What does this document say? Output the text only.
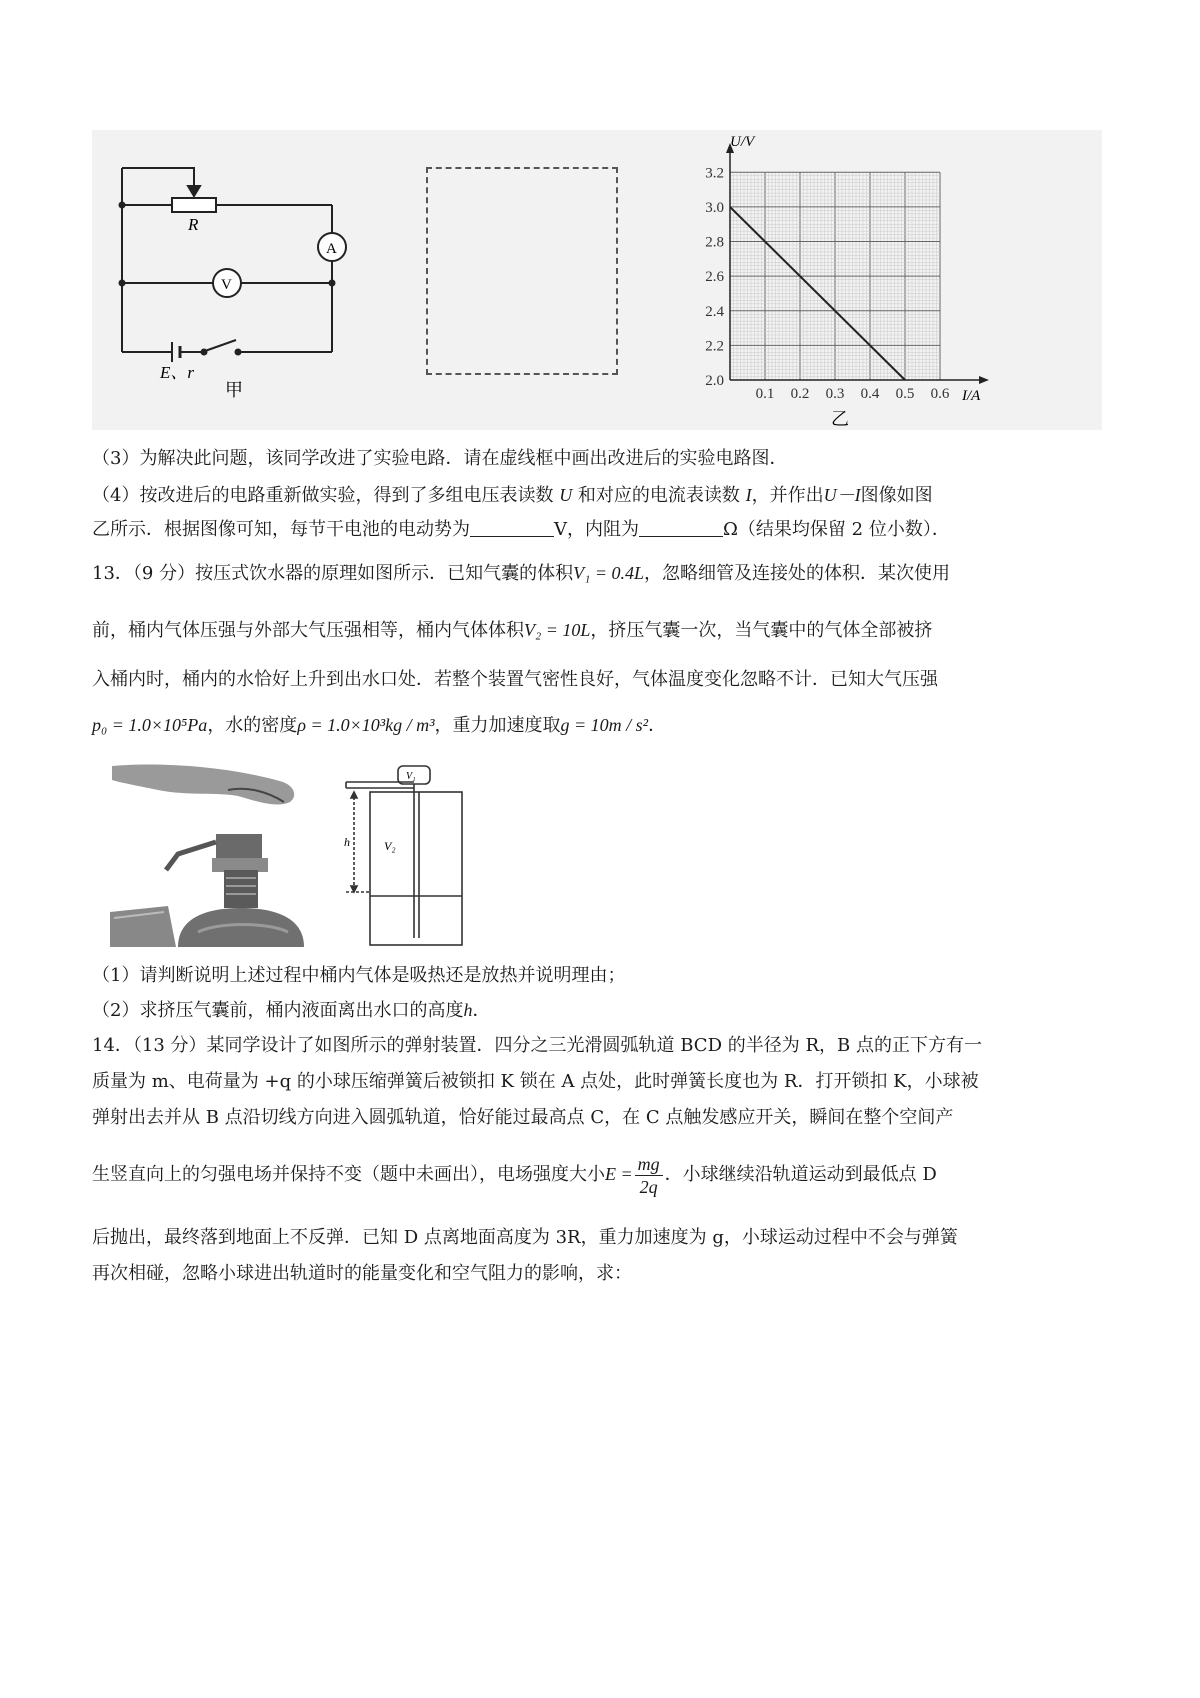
R
A
V
E、r
甲	0.1 0.2 0.3 0.4 0.5 0.6
2.0
2.2
2.4
2.6
2.8
3.0
3.2
U/V
I/A
乙
（3）为解决此问题，该同学改进了实验电路．请在虚线框中画出改进后的实验电路图．
（4）按改进后的电路重新做实验，得到了多组电压表读数 U 和对应的电流表读数 I，并作出U－I图像如图
乙所示．根据图像可知，每节干电池的电动势为	V，内阻为	Ω（结果均保留 2 位小数）．
13．（9 分）按压式饮水器的原理如图所示．已知气囊的体积V₁ = 0.4L，忽略细管及连接处的体积．某次使用
前，桶内气体压强与外部大气压强相等，桶内气体体积V₂ = 10L，挤压气囊一次，当气囊中的气体全部被挤
入桶内时，桶内的水恰好上升到出水口处．若整个装置气密性良好，气体温度变化忽略不计．已知大气压强
p₀ = 1.0×10⁵Pa，水的密度ρ = 1.0×10³kg / m³，重力加速度取g = 10m / s²．
V₁
V₂
h
（1）请判断说明上述过程中桶内气体是吸热还是放热并说明理由；
（2）求挤压气囊前，桶内液面离出水口的高度h．
14．（13 分）某同学设计了如图所示的弹射装置．四分之三光滑圆弧轨道 BCD 的半径为 R，B 点的正下方有一
质量为 m、电荷量为 +q 的小球压缩弹簧后被锁扣 K 锁在 A 点处，此时弹簧长度也为 R．打开锁扣 K，小球被
弹射出去并从 B 点沿切线方向进入圆弧轨道，恰好能过最高点 C，在 C 点触发感应开关，瞬间在整个空间产
生竖直向上的匀强电场并保持不变（题中未画出），电场强度大小$E = \frac{mg}{2q}$ ．小球继续沿轨道运动到最低点 D
后抛出，最终落到地面上不反弹．已知 D 点离地面高度为 3R，重力加速度为 g，小球运动过程中不会与弹簧
再次相碰，忽略小球进出轨道时的能量变化和空气阻力的影响，求：
